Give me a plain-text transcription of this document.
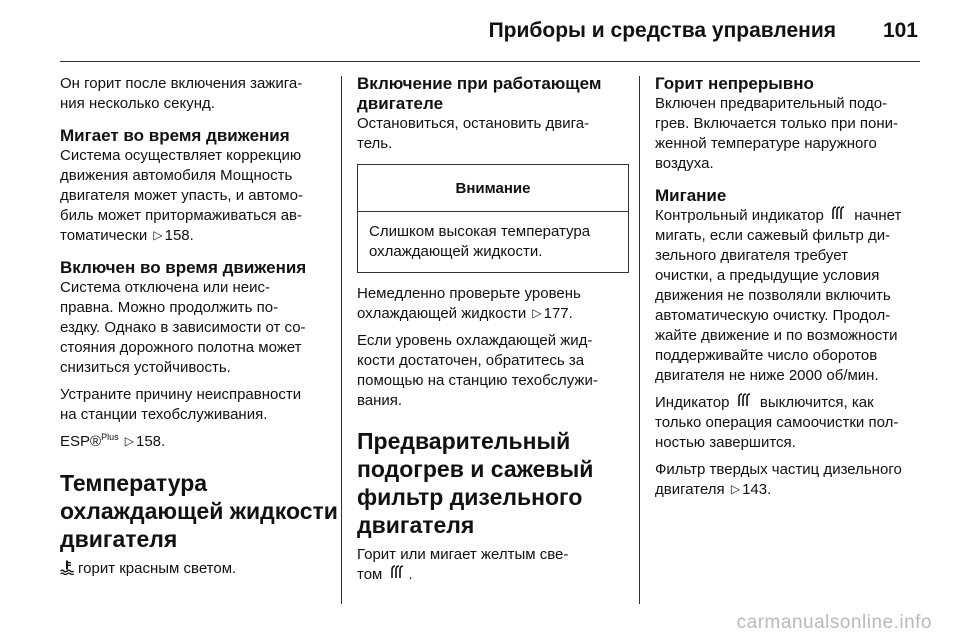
Приборы и средства управления 101

Он горит после включения зажига-
ния несколько секунд.

Мигает во время движения

Система осуществляет коррекцию
движения автомобиля Мощность
двигателя может упасть, и автомо-
биль может притормаживаться ав-
томатически ▷ 158.

Включен во время движения

Система отключена или неис-
правна. Можно продолжить по-
ездку. Однако в зависимости от со-
стояния дорожного полотна может
снизиться устойчивость.

Устраните причину неисправности
на станции техобслуживания.

ESP®$^{Plus}$ ▷ 158.

Температура
охлаждающей жидкости
двигателя

горит красным светом.

Включение при работающем
двигателе

Остановиться, остановить двига-
тель.

Внимание
Слишком высокая температура
охлаждающей жидкости.

Немедленно проверьте уровень
охлаждающей жидкости ▷ 177.

Если уровень охлаждающей жид-
кости достаточен, обратитесь за
помощью на станцию техобслужи-
вания.

Предварительный
подогрев и сажевый
фильтр дизельного
двигателя

Горит или мигает желтым све-
том .

Горит непрерывно

Включен предварительный подо-
грев. Включается только при пони-
женной температуре наружного
воздуха.

Мигание

Контрольный индикатор начнет
мигать, если сажевый фильтр ди-
зельного двигателя требует
очистки, а предыдущие условия
движения не позволяли включить
автоматическую очистку. Продол-
жайте движение и по возможности
поддерживайте число оборотов
двигателя не ниже 2000 об/мин.

Индикатор выключится, как
только операция самоочистки пол-
ностью завершится.

Фильтр твердых частиц дизельного
двигателя ▷ 143.

carmanualsonline.info
